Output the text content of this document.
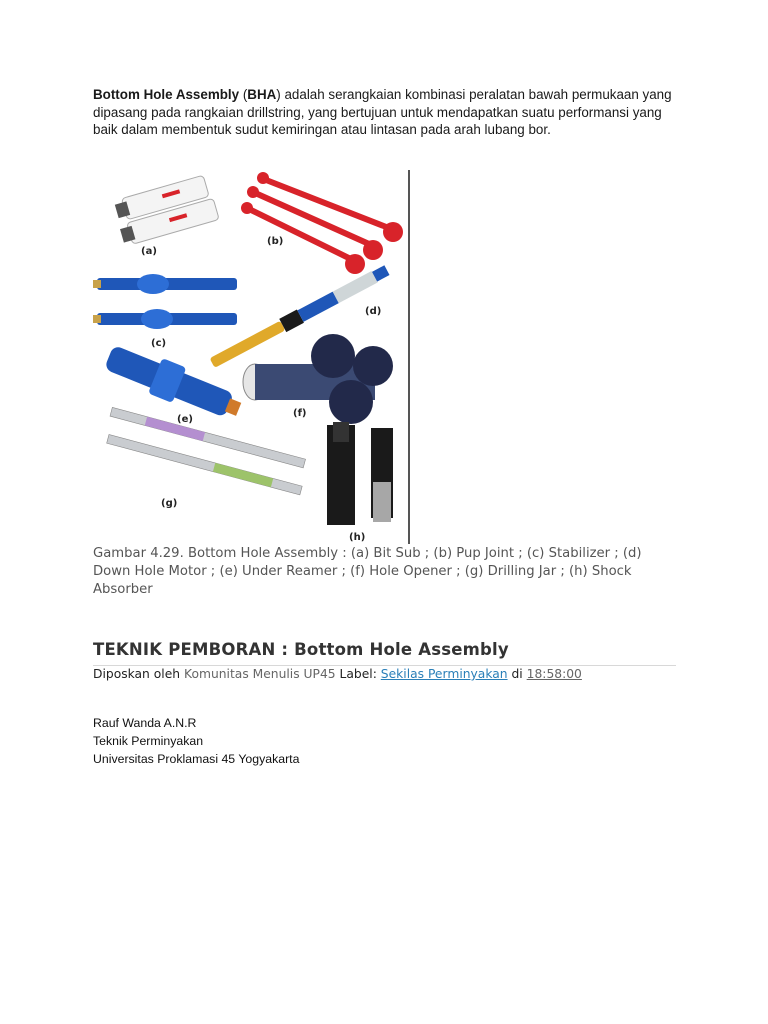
Bottom Hole Assembly (BHA) adalah serangkaian kombinasi peralatan bawah permukaan yang dipasang pada rangkaian drillstring, yang bertujuan untuk mendapatkan suatu performansi yang baik dalam membentuk sudut kemiringan atau lintasan pada arah lubang bor.
(a)
(b)
(c)
(d)
(e)
(f)
(g)
(h)
Gambar 4.29. Bottom Hole Assembly : (a) Bit Sub ; (b) Pup Joint ; (c) Stabilizer ; (d) Down Hole Motor ; (e) Under Reamer ; (f) Hole Opener ; (g) Drilling Jar ; (h) Shock Absorber
TEKNIK PEMBORAN : Bottom Hole Assembly
Diposkan oleh Komunitas Menulis UP45 Label: Sekilas Perminyakan di 18:58:00
Rauf Wanda A.N.R
Teknik Perminyakan
Universitas Proklamasi 45 Yogyakarta
